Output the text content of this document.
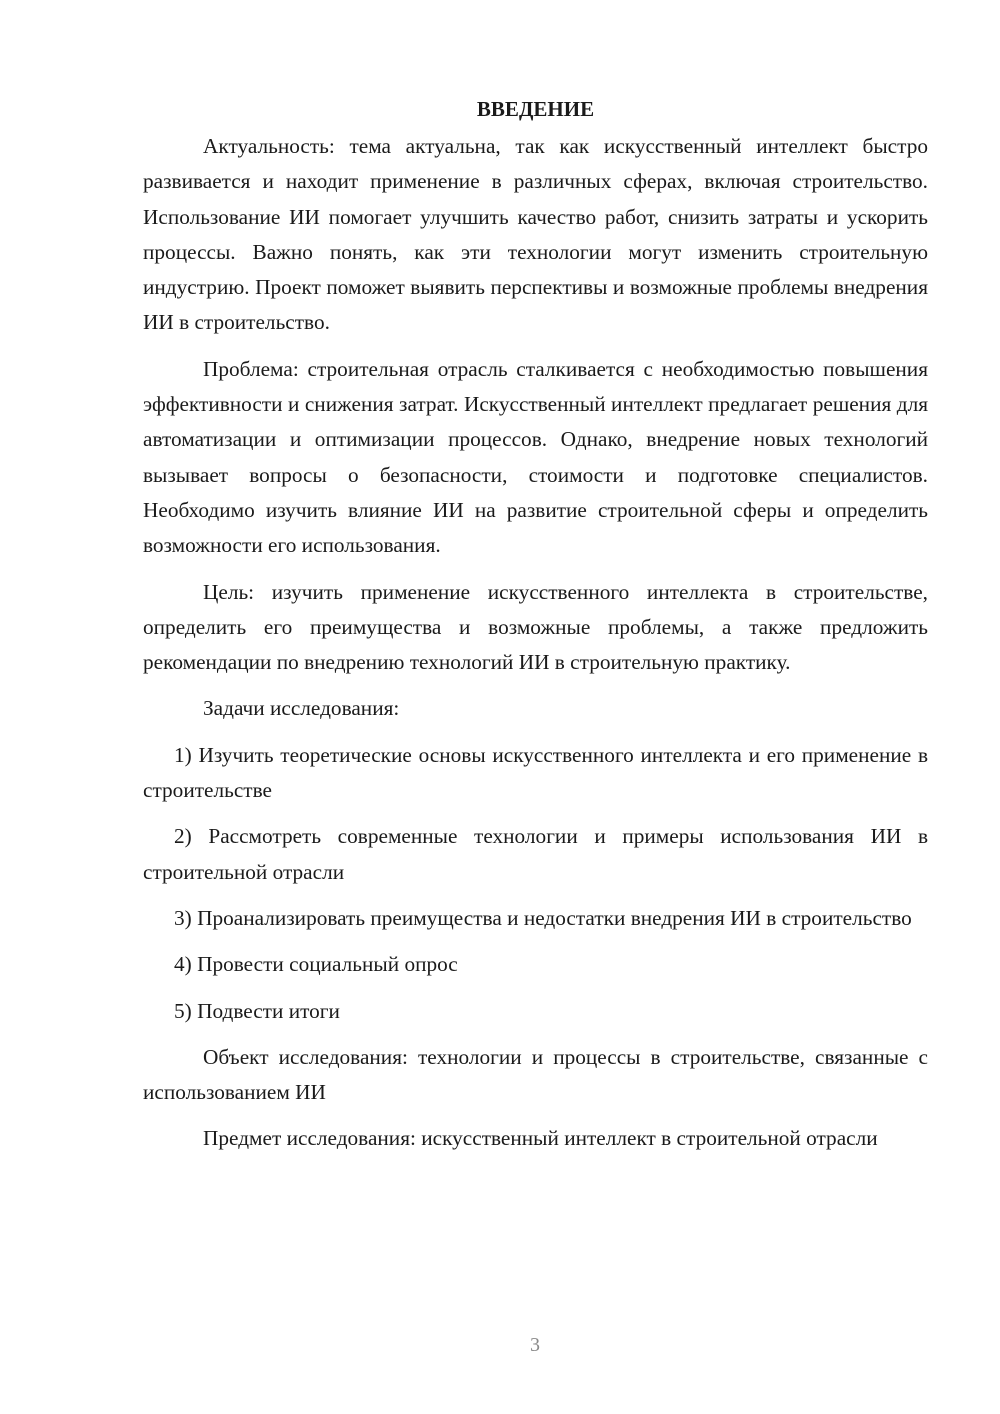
ВВЕДЕНИЕ

Актуальность: тема актуальна, так как искусственный интеллект быстро развивается и находит применение в различных сферах, включая строительство. Использование ИИ помогает улучшить качество работ, снизить затраты и ускорить процессы. Важно понять, как эти технологии могут изменить строительную индустрию. Проект поможет выявить перспективы и возможные проблемы внедрения ИИ в строительство.

Проблема: строительная отрасль сталкивается с необходимостью повышения эффективности и снижения затрат. Искусственный интеллект предлагает решения для автоматизации и оптимизации процессов. Однако, внедрение новых технологий вызывает вопросы о безопасности, стоимости и подготовке специалистов. Необходимо изучить влияние ИИ на развитие строительной сферы и определить возможности его использования.

Цель: изучить применение искусственного интеллекта в строительстве, определить его преимущества и возможные проблемы, а также предложить рекомендации по внедрению технологий ИИ в строительную практику.

Задачи исследования:

1) Изучить теоретические основы искусственного интеллекта и его применение в строительстве

2) Рассмотреть современные технологии и примеры использования ИИ в строительной отрасли

3) Проанализировать преимущества и недостатки внедрения ИИ в строительство

4) Провести социальный опрос

5) Подвести итоги

Объект исследования: технологии и процессы в строительстве, связанные с использованием ИИ

Предмет исследования: искусственный интеллект в строительной отрасли

3
